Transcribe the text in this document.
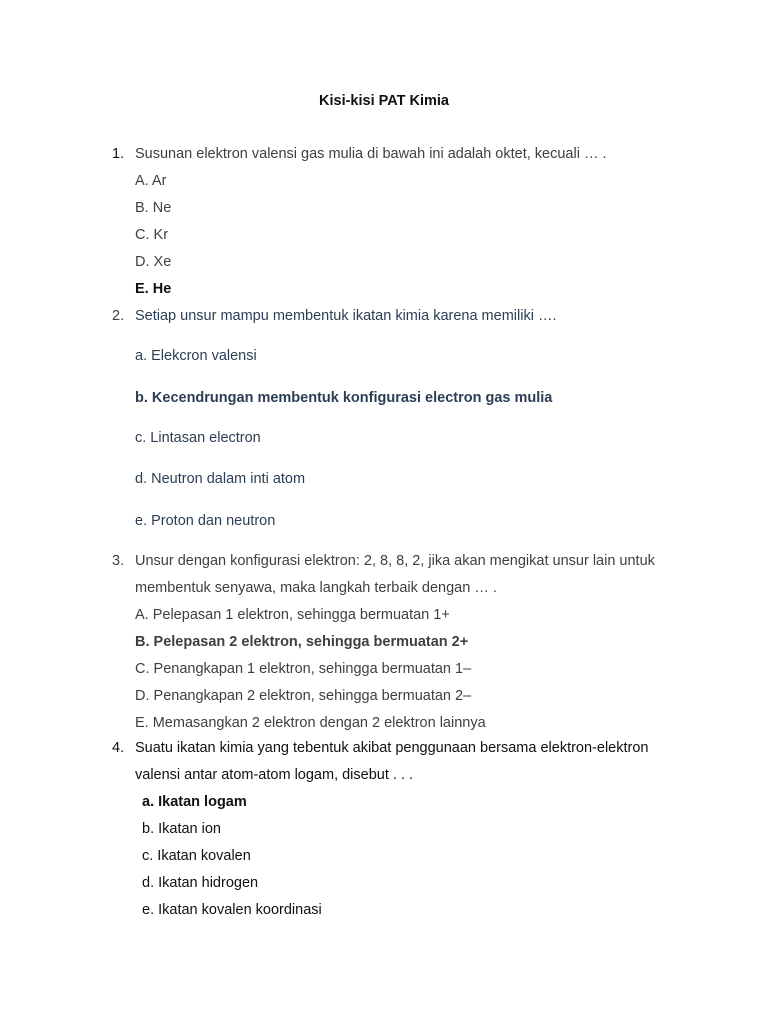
Kisi-kisi PAT Kimia
1. Susunan elektron valensi gas mulia di bawah ini adalah oktet, kecuali … .
A. Ar
B. Ne
C. Kr
D. Xe
E. He
2. Setiap unsur mampu membentuk ikatan kimia karena memiliki ….
a. Elekcron valensi
b. Kecendrungan membentuk konfigurasi electron gas mulia
c. Lintasan electron
d. Neutron dalam inti atom
e. Proton dan neutron
3. Unsur dengan konfigurasi elektron: 2, 8, 8, 2, jika akan mengikat unsur lain untuk
membentuk senyawa, maka langkah terbaik dengan … .
A. Pelepasan 1 elektron, sehingga bermuatan 1+
B. Pelepasan 2 elektron, sehingga bermuatan 2+
C. Penangkapan 1 elektron, sehingga bermuatan 1–
D. Penangkapan 2 elektron, sehingga bermuatan 2–
E. Memasangkan 2 elektron dengan 2 elektron lainnya
4. Suatu ikatan kimia yang tebentuk akibat penggunaan bersama elektron-elektron
valensi antar atom-atom logam, disebut . . .
a. Ikatan logam
b. Ikatan ion
c. Ikatan kovalen
d. Ikatan hidrogen
e. Ikatan kovalen koordinasi
